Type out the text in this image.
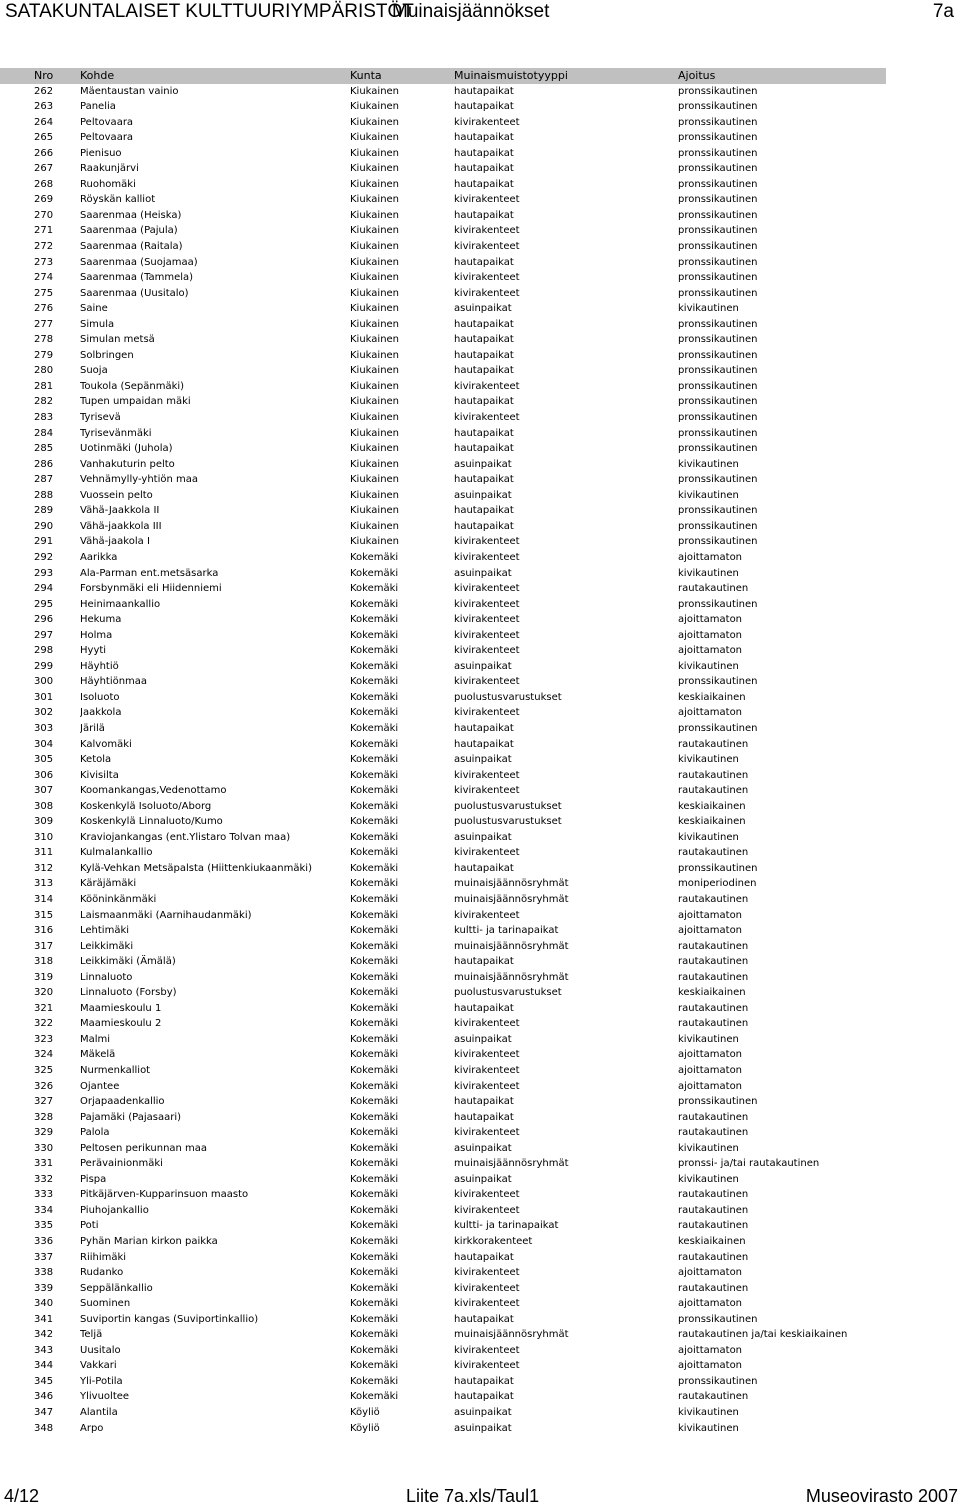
SATAKUNTALAISET KULTTUURIYMPÄRISTÖT
Muinaisjäännökset	7a
Nro	Kohde	Kunta	Muinaismuistotyyppi	Ajoitus
262	Mäentaustan vainio	Kiukainen	hautapaikat	pronssikautinen
263	Panelia	Kiukainen	hautapaikat	pronssikautinen
264	Peltovaara	Kiukainen	kivirakenteet	pronssikautinen
265	Peltovaara	Kiukainen	hautapaikat	pronssikautinen
266	Pienisuo	Kiukainen	hautapaikat	pronssikautinen
267	Raakunjärvi	Kiukainen	hautapaikat	pronssikautinen
268	Ruohomäki	Kiukainen	hautapaikat	pronssikautinen
269	Röyskän kalliot	Kiukainen	kivirakenteet	pronssikautinen
270	Saarenmaa (Heiska)	Kiukainen	hautapaikat	pronssikautinen
271	Saarenmaa (Pajula)	Kiukainen	kivirakenteet	pronssikautinen
272	Saarenmaa (Raitala)	Kiukainen	kivirakenteet	pronssikautinen
273	Saarenmaa (Suojamaa)	Kiukainen	hautapaikat	pronssikautinen
274	Saarenmaa (Tammela)	Kiukainen	kivirakenteet	pronssikautinen
275	Saarenmaa (Uusitalo)	Kiukainen	kivirakenteet	pronssikautinen
276	Saine	Kiukainen	asuinpaikat	kivikautinen
277	Simula	Kiukainen	hautapaikat	pronssikautinen
278	Simulan metsä	Kiukainen	hautapaikat	pronssikautinen
279	Solbringen	Kiukainen	hautapaikat	pronssikautinen
280	Suoja	Kiukainen	hautapaikat	pronssikautinen
281	Toukola (Sepänmäki)	Kiukainen	kivirakenteet	pronssikautinen
282	Tupen umpaidan mäki	Kiukainen	hautapaikat	pronssikautinen
283	Tyrisevä	Kiukainen	kivirakenteet	pronssikautinen
284	Tyrisevänmäki	Kiukainen	hautapaikat	pronssikautinen
285	Uotinmäki (Juhola)	Kiukainen	hautapaikat	pronssikautinen
286	Vanhakuturin pelto	Kiukainen	asuinpaikat	kivikautinen
287	Vehnämylly-yhtiön maa	Kiukainen	hautapaikat	pronssikautinen
288	Vuossein pelto	Kiukainen	asuinpaikat	kivikautinen
289	Vähä-Jaakkola II	Kiukainen	hautapaikat	pronssikautinen
290	Vähä-jaakkola III	Kiukainen	hautapaikat	pronssikautinen
291	Vähä-jaakola I	Kiukainen	kivirakenteet	pronssikautinen
292	Aarikka	Kokemäki	kivirakenteet	ajoittamaton
293	Ala-Parman ent.metsäsarka	Kokemäki	asuinpaikat	kivikautinen
294	Forsbynmäki eli Hiidenniemi	Kokemäki	kivirakenteet	rautakautinen
295	Heinimaankallio	Kokemäki	kivirakenteet	pronssikautinen
296	Hekuma	Kokemäki	kivirakenteet	ajoittamaton
297	Holma	Kokemäki	kivirakenteet	ajoittamaton
298	Hyyti	Kokemäki	kivirakenteet	ajoittamaton
299	Häyhtiö	Kokemäki	asuinpaikat	kivikautinen
300	Häyhtiönmaa	Kokemäki	kivirakenteet	pronssikautinen
301	Isoluoto	Kokemäki	puolustusvarustukset	keskiaikainen
302	Jaakkola	Kokemäki	kivirakenteet	ajoittamaton
303	Järilä	Kokemäki	hautapaikat	pronssikautinen
304	Kalvomäki	Kokemäki	hautapaikat	rautakautinen
305	Ketola	Kokemäki	asuinpaikat	kivikautinen
306	Kivisilta	Kokemäki	kivirakenteet	rautakautinen
307	Koomankangas,Vedenottamo	Kokemäki	kivirakenteet	rautakautinen
308	Koskenkylä Isoluoto/Aborg	Kokemäki	puolustusvarustukset	keskiaikainen
309	Koskenkylä Linnaluoto/Kumo	Kokemäki	puolustusvarustukset	keskiaikainen
310	Kraviojankangas (ent.Ylistaro Tolvan maa)	Kokemäki	asuinpaikat	kivikautinen
311	Kulmalankallio	Kokemäki	kivirakenteet	rautakautinen
312	Kylä-Vehkan Metsäpalsta (Hiittenkiukaanmäki)	Kokemäki	hautapaikat	pronssikautinen
313	Käräjämäki	Kokemäki	muinaisjäännösryhmät	moniperiodinen
314	Kööninkänmäki	Kokemäki	muinaisjäännösryhmät	rautakautinen
315	Laismaanmäki (Aarnihaudanmäki)	Kokemäki	kivirakenteet	ajoittamaton
316	Lehtimäki	Kokemäki	kultti- ja tarinapaikat	ajoittamaton
317	Leikkimäki	Kokemäki	muinaisjäännösryhmät	rautakautinen
318	Leikkimäki (Ämälä)	Kokemäki	hautapaikat	rautakautinen
319	Linnaluoto	Kokemäki	muinaisjäännösryhmät	rautakautinen
320	Linnaluoto (Forsby)	Kokemäki	puolustusvarustukset	keskiaikainen
321	Maamieskoulu 1	Kokemäki	hautapaikat	rautakautinen
322	Maamieskoulu 2	Kokemäki	kivirakenteet	rautakautinen
323	Malmi	Kokemäki	asuinpaikat	kivikautinen
324	Mäkelä	Kokemäki	kivirakenteet	ajoittamaton
325	Nurmenkalliot	Kokemäki	kivirakenteet	ajoittamaton
326	Ojantee	Kokemäki	kivirakenteet	ajoittamaton
327	Orjapaadenkallio	Kokemäki	hautapaikat	pronssikautinen
328	Pajamäki (Pajasaari)	Kokemäki	hautapaikat	rautakautinen
329	Palola	Kokemäki	kivirakenteet	rautakautinen
330	Peltosen perikunnan maa	Kokemäki	asuinpaikat	kivikautinen
331	Perävainionmäki	Kokemäki	muinaisjäännösryhmät	pronssi- ja/tai rautakautinen
332	Pispa	Kokemäki	asuinpaikat	kivikautinen
333	Pitkäjärven-Kupparinsuon maasto	Kokemäki	kivirakenteet	rautakautinen
334	Piuhojankallio	Kokemäki	kivirakenteet	rautakautinen
335	Poti	Kokemäki	kultti- ja tarinapaikat	rautakautinen
336	Pyhän Marian kirkon paikka	Kokemäki	kirkkorakenteet	keskiaikainen
337	Riihimäki	Kokemäki	hautapaikat	rautakautinen
338	Rudanko	Kokemäki	kivirakenteet	ajoittamaton
339	Seppälänkallio	Kokemäki	kivirakenteet	rautakautinen
340	Suominen	Kokemäki	kivirakenteet	ajoittamaton
341	Suviportin kangas (Suviportinkallio)	Kokemäki	hautapaikat	pronssikautinen
342	Teljä	Kokemäki	muinaisjäännösryhmät	rautakautinen ja/tai keskiaikainen
343	Uusitalo	Kokemäki	kivirakenteet	ajoittamaton
344	Vakkari	Kokemäki	kivirakenteet	ajoittamaton
345	Yli-Potila	Kokemäki	hautapaikat	pronssikautinen
346	Ylivuoltee	Kokemäki	hautapaikat	rautakautinen
347	Alantila	Köyliö	asuinpaikat	kivikautinen
348	Arpo	Köyliö	asuinpaikat	kivikautinen
4/12	Liite 7a.xls/Taul1	Museovirasto 2007
